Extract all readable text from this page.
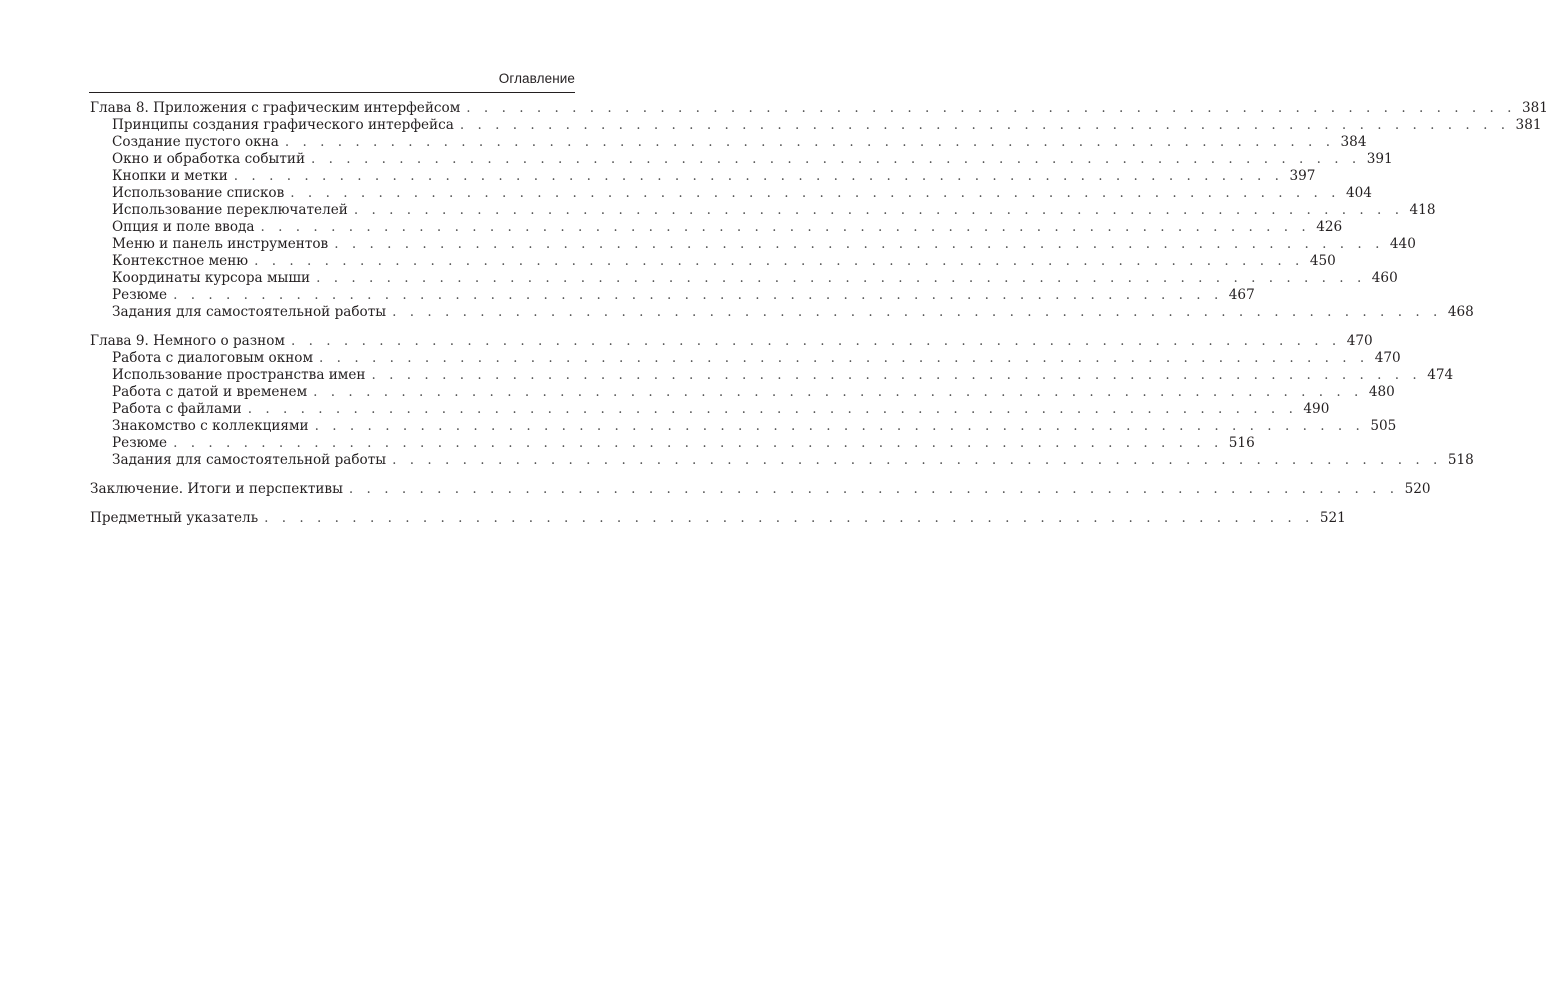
Оглавление
Глава 8. Приложения с графическим интерфейсом . . . . . . . . . . . . . . . . . . . . . . . . . . . . . . . . . . . . . . . . . . . . . . . . . . . . . . . . . . . . 381
Принципы создания графического интерфейса . . . . . . . . . . . . . . . . . . . . . . . . . . . . . . . . . . . . . . . . . . . . . . . . . . . . . . . . . . . . 381
Создание пустого окна . . . . . . . . . . . . . . . . . . . . . . . . . . . . . . . . . . . . . . . . . . . . . . . . . . . . . . . . . . . . 384
Окно и обработка событий . . . . . . . . . . . . . . . . . . . . . . . . . . . . . . . . . . . . . . . . . . . . . . . . . . . . . . . . . . . . 391
Кнопки и метки . . . . . . . . . . . . . . . . . . . . . . . . . . . . . . . . . . . . . . . . . . . . . . . . . . . . . . . . . . . . 397
Использование списков . . . . . . . . . . . . . . . . . . . . . . . . . . . . . . . . . . . . . . . . . . . . . . . . . . . . . . . . . . . . 404
Использование переключателей . . . . . . . . . . . . . . . . . . . . . . . . . . . . . . . . . . . . . . . . . . . . . . . . . . . . . . . . . . . . 418
Опция и поле ввода . . . . . . . . . . . . . . . . . . . . . . . . . . . . . . . . . . . . . . . . . . . . . . . . . . . . . . . . . . . . 426
Меню и панель инструментов . . . . . . . . . . . . . . . . . . . . . . . . . . . . . . . . . . . . . . . . . . . . . . . . . . . . . . . . . . . . 440
Контекстное меню . . . . . . . . . . . . . . . . . . . . . . . . . . . . . . . . . . . . . . . . . . . . . . . . . . . . . . . . . . . . 450
Координаты курсора мыши . . . . . . . . . . . . . . . . . . . . . . . . . . . . . . . . . . . . . . . . . . . . . . . . . . . . . . . . . . . . 460
Резюме . . . . . . . . . . . . . . . . . . . . . . . . . . . . . . . . . . . . . . . . . . . . . . . . . . . . . . . . . . . . 467
Задания для самостоятельной работы . . . . . . . . . . . . . . . . . . . . . . . . . . . . . . . . . . . . . . . . . . . . . . . . . . . . . . . . . . . . 468
Глава 9. Немного о разном . . . . . . . . . . . . . . . . . . . . . . . . . . . . . . . . . . . . . . . . . . . . . . . . . . . . . . . . . . . . 470
Работа с диалоговым окном . . . . . . . . . . . . . . . . . . . . . . . . . . . . . . . . . . . . . . . . . . . . . . . . . . . . . . . . . . . . 470
Использование пространства имен . . . . . . . . . . . . . . . . . . . . . . . . . . . . . . . . . . . . . . . . . . . . . . . . . . . . . . . . . . . . 474
Работа с датой и временем . . . . . . . . . . . . . . . . . . . . . . . . . . . . . . . . . . . . . . . . . . . . . . . . . . . . . . . . . . . . 480
Работа с файлами . . . . . . . . . . . . . . . . . . . . . . . . . . . . . . . . . . . . . . . . . . . . . . . . . . . . . . . . . . . . 490
Знакомство с коллекциями . . . . . . . . . . . . . . . . . . . . . . . . . . . . . . . . . . . . . . . . . . . . . . . . . . . . . . . . . . . . 505
Резюме . . . . . . . . . . . . . . . . . . . . . . . . . . . . . . . . . . . . . . . . . . . . . . . . . . . . . . . . . . . . 516
Задания для самостоятельной работы . . . . . . . . . . . . . . . . . . . . . . . . . . . . . . . . . . . . . . . . . . . . . . . . . . . . . . . . . . . . 518
Заключение. Итоги и перспективы . . . . . . . . . . . . . . . . . . . . . . . . . . . . . . . . . . . . . . . . . . . . . . . . . . . . . . . . . . . . 520
Предметный указатель . . . . . . . . . . . . . . . . . . . . . . . . . . . . . . . . . . . . . . . . . . . . . . . . . . . . . . . . . . . . 521
